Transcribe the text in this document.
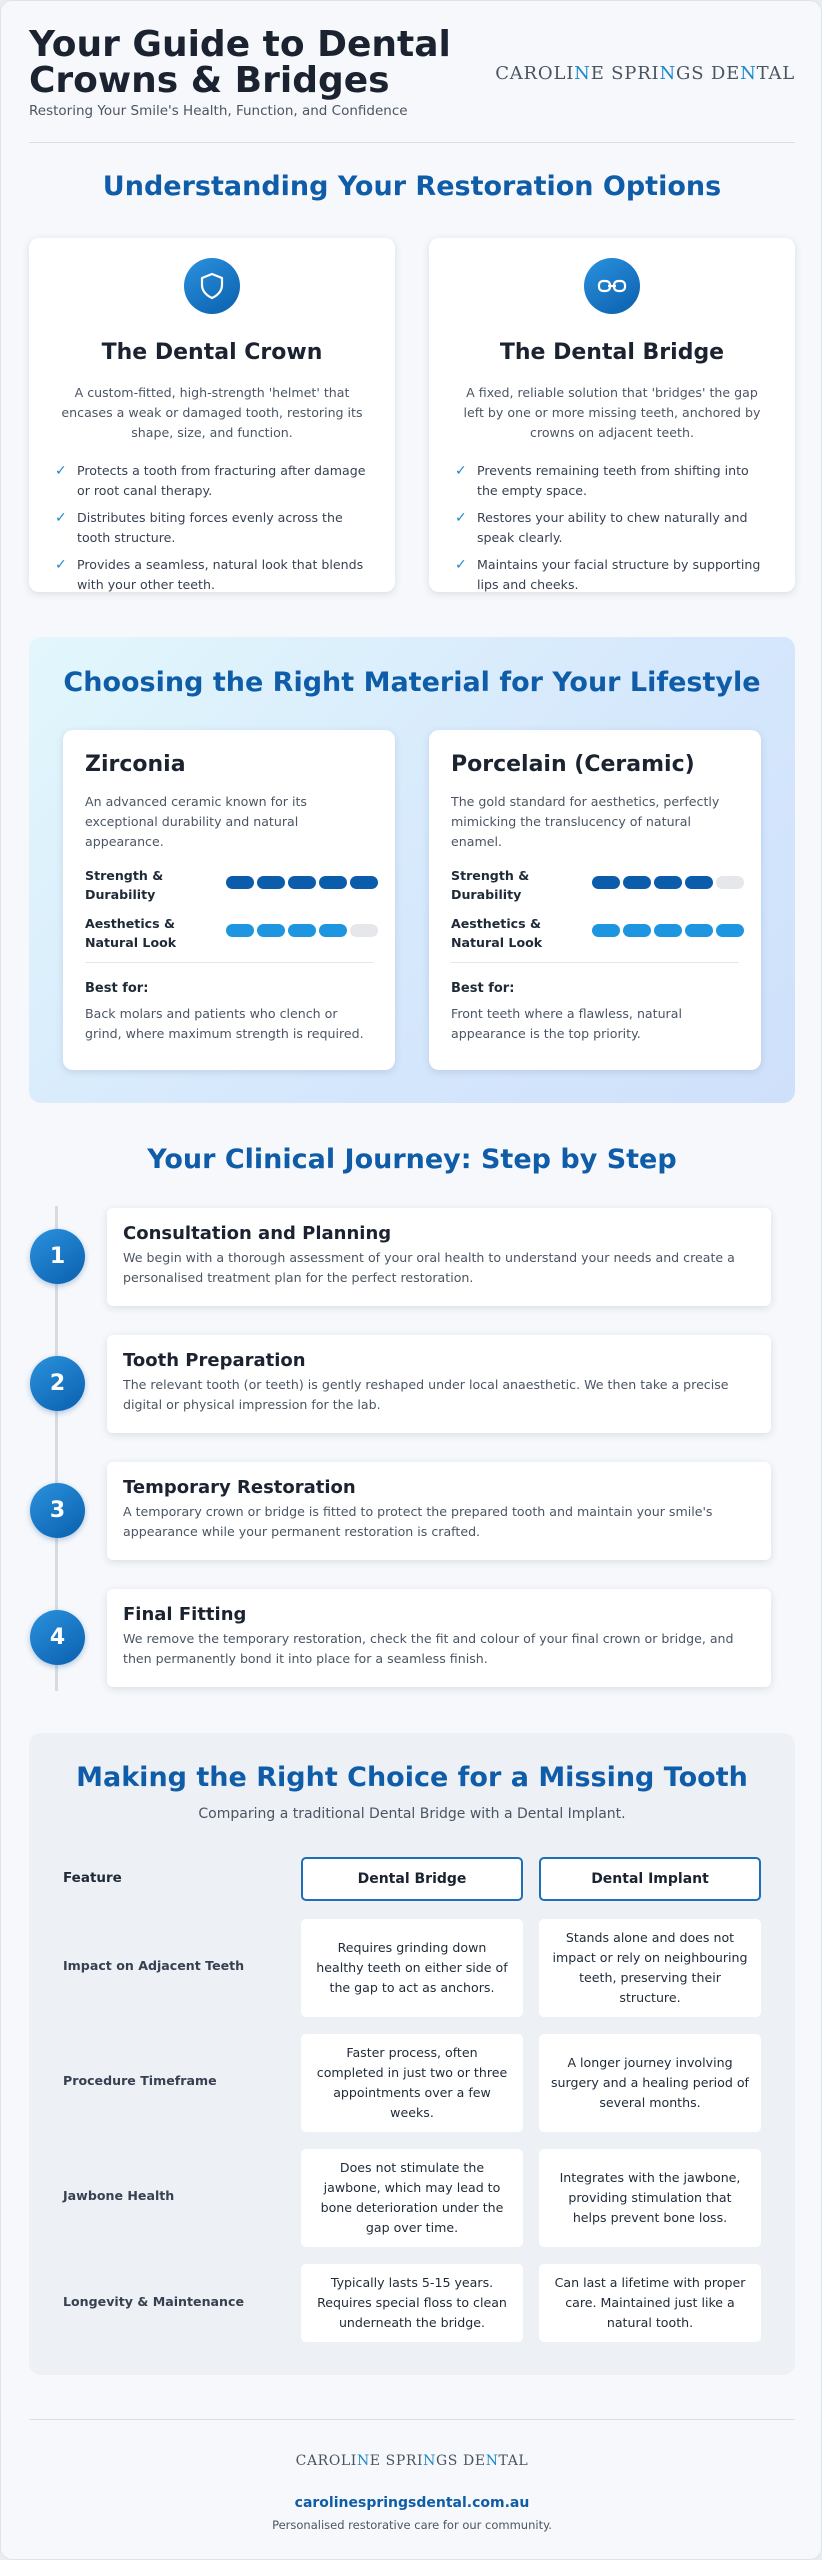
Your Guide to Dental Crowns & Bridges
Restoring Your Smile's Health, Function, and Confidence
CAROLINE SPRINGS DENTAL
Understanding Your Restoration Options
The Dental Crown
A custom-fitted, high-strength 'helmet' that encases a weak or damaged tooth, restoring its shape, size, and function.
✓ Protects a tooth from fracturing after damage or root canal therapy.
✓ Distributes biting forces evenly across the tooth structure.
✓ Provides a seamless, natural look that blends with your other teeth.
The Dental Bridge
A fixed, reliable solution that 'bridges' the gap left by one or more missing teeth, anchored by crowns on adjacent teeth.
✓ Prevents remaining teeth from shifting into the empty space.
✓ Restores your ability to chew naturally and speak clearly.
✓ Maintains your facial structure by supporting lips and cheeks.
Choosing the Right Material for Your Lifestyle
Zirconia
An advanced ceramic known for its exceptional durability and natural appearance.
Strength & Durability
Aesthetics & Natural Look
Best for:
Back molars and patients who clench or grind, where maximum strength is required.
Porcelain (Ceramic)
The gold standard for aesthetics, perfectly mimicking the translucency of natural enamel.
Strength & Durability
Aesthetics & Natural Look
Best for:
Front teeth where a flawless, natural appearance is the top priority.
Your Clinical Journey: Step by Step
1
Consultation and Planning
We begin with a thorough assessment of your oral health to understand your needs and create a personalised treatment plan for the perfect restoration.
2
Tooth Preparation
The relevant tooth (or teeth) is gently reshaped under local anaesthetic. We then take a precise digital or physical impression for the lab.
3
Temporary Restoration
A temporary crown or bridge is fitted to protect the prepared tooth and maintain your smile's appearance while your permanent restoration is crafted.
4
Final Fitting
We remove the temporary restoration, check the fit and colour of your final crown or bridge, and then permanently bond it into place for a seamless finish.
Making the Right Choice for a Missing Tooth
Comparing a traditional Dental Bridge with a Dental Implant.
Feature	Dental Bridge	Dental Implant
Impact on Adjacent Teeth
Requires grinding down healthy teeth on either side of the gap to act as anchors.
Stands alone and does not impact or rely on neighbouring teeth, preserving their structure.
Procedure Timeframe
Faster process, often completed in just two or three appointments over a few weeks.
A longer journey involving surgery and a healing period of several months.
Jawbone Health
Does not stimulate the jawbone, which may lead to bone deterioration under the gap over time.
Integrates with the jawbone, providing stimulation that helps prevent bone loss.
Longevity & Maintenance
Typically lasts 5-15 years. Requires special floss to clean underneath the bridge.
Can last a lifetime with proper care. Maintained just like a natural tooth.
CAROLINE SPRINGS DENTAL
carolinespringsdental.com.au
Personalised restorative care for our community.
